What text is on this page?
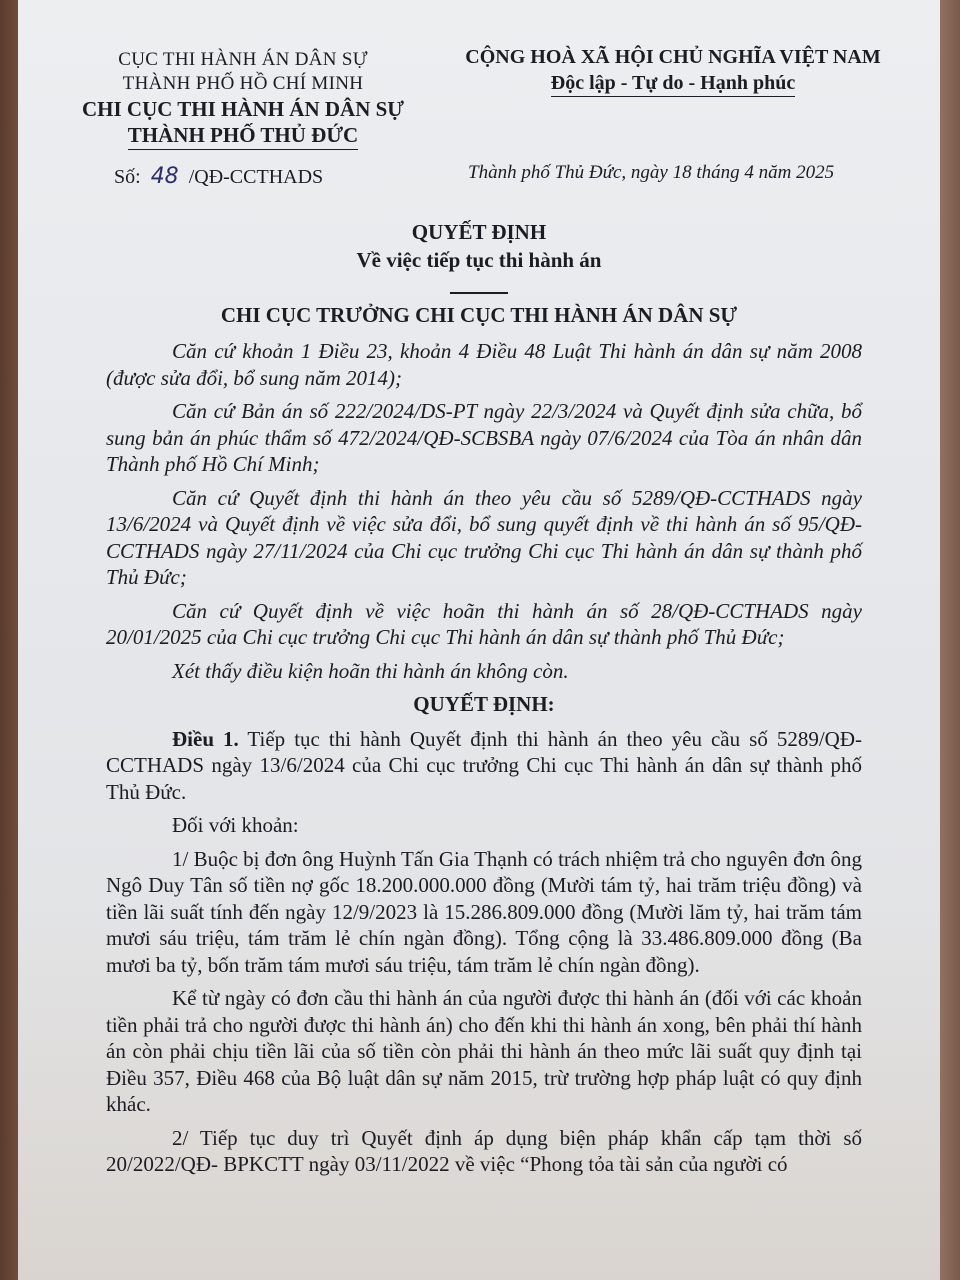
CỤC THI HÀNH ÁN DÂN SỰ
THÀNH PHỐ HỒ CHÍ MINH
CHI CỤC THI HÀNH ÁN DÂN SỰ
THÀNH PHỐ THỦ ĐỨC
CỘNG HOÀ XÃ HỘI CHỦ NGHĨA VIỆT NAM
Độc lập - Tự do - Hạnh phúc
Số: 48 /QĐ-CCTHADS	Thành phố Thủ Đức, ngày 18 tháng 4 năm 2025
QUYẾT ĐỊNH
Về việc tiếp tục thi hành án
CHI CỤC TRƯỞNG CHI CỤC THI HÀNH ÁN DÂN SỰ

Căn cứ khoản 1 Điều 23, khoản 4 Điều 48 Luật Thi hành án dân sự năm 2008 (được sửa đổi, bổ sung năm 2014);

Căn cứ Bản án số 222/2024/DS-PT ngày 22/3/2024 và Quyết định sửa chữa, bổ sung bản án phúc thẩm số 472/2024/QĐ-SCBSBA ngày 07/6/2024 của Tòa án nhân dân Thành phố Hồ Chí Minh;

Căn cứ Quyết định thi hành án theo yêu cầu số 5289/QĐ-CCTHADS ngày 13/6/2024 và Quyết định về việc sửa đổi, bổ sung quyết định về thi hành án số 95/QĐ-CCTHADS ngày 27/11/2024 của Chi cục trưởng Chi cục Thi hành án dân sự thành phố Thủ Đức;

Căn cứ Quyết định về việc hoãn thi hành án số 28/QĐ-CCTHADS ngày 20/01/2025 của Chi cục trưởng Chi cục Thi hành án dân sự thành phố Thủ Đức;

Xét thấy điều kiện hoãn thi hành án không còn.

QUYẾT ĐỊNH:

Điều 1. Tiếp tục thi hành Quyết định thi hành án theo yêu cầu số 5289/QĐ-CCTHADS ngày 13/6/2024 của Chi cục trưởng Chi cục Thi hành án dân sự thành phố Thủ Đức.

Đối với khoản:

1/ Buộc bị đơn ông Huỳnh Tấn Gia Thạnh có trách nhiệm trả cho nguyên đơn ông Ngô Duy Tân số tiền nợ gốc 18.200.000.000 đồng (Mười tám tỷ, hai trăm triệu đồng) và tiền lãi suất tính đến ngày 12/9/2023 là 15.286.809.000 đồng (Mười lăm tỷ, hai trăm tám mươi sáu triệu, tám trăm lẻ chín ngàn đồng). Tổng cộng là 33.486.809.000 đồng (Ba mươi ba tỷ, bốn trăm tám mươi sáu triệu, tám trăm lẻ chín ngàn đồng).

Kể từ ngày có đơn cầu thi hành án của người được thi hành án (đối với các khoản tiền phải trả cho người được thi hành án) cho đến khi thi hành án xong, bên phải thí hành án còn phải chịu tiền lãi của số tiền còn phải thi hành án theo mức lãi suất quy định tại Điều 357, Điều 468 của Bộ luật dân sự năm 2015, trừ trường hợp pháp luật có quy định khác.

2/ Tiếp tục duy trì Quyết định áp dụng biện pháp khẩn cấp tạm thời số 20/2022/QĐ- BPKCTT ngày 03/11/2022 về việc “Phong tỏa tài sản của người có
